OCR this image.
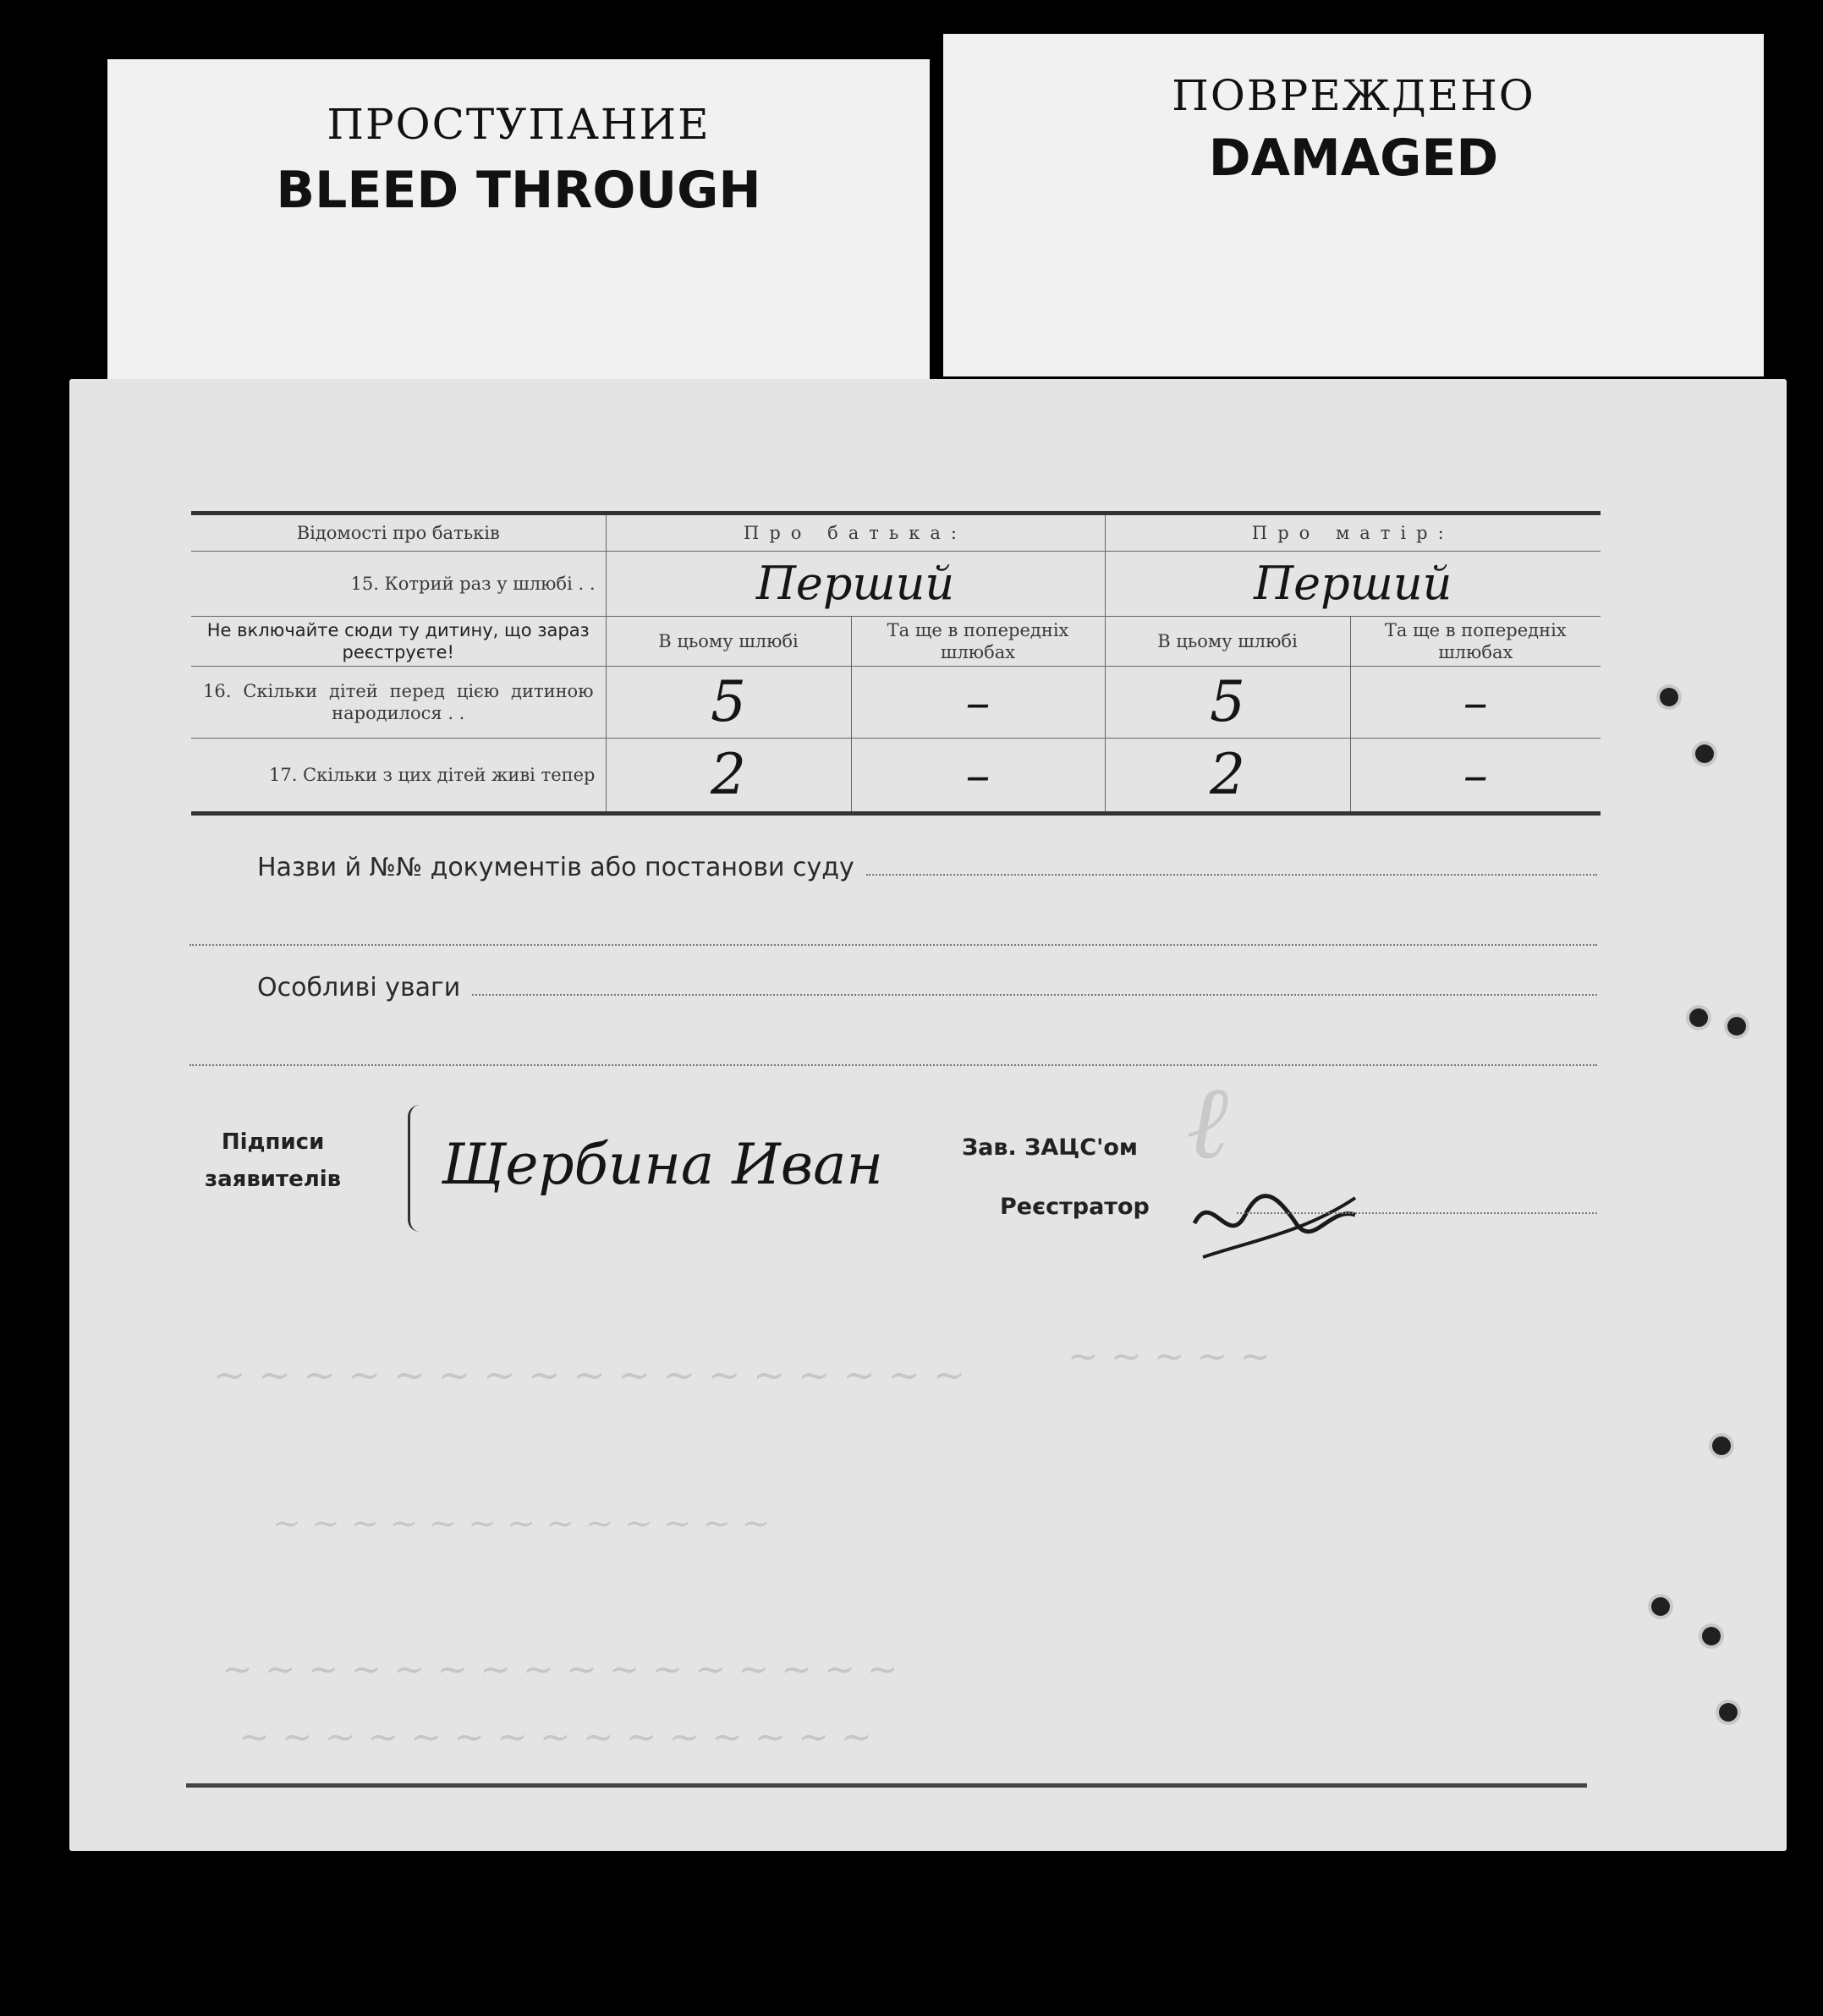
ПРОСТУПАНИЕ
BLEED THROUGH
ПОВРЕЖДЕНО
DAMAGED
~ ~ ~ ~ ~
~ ~ ~ ~ ~ ~ ~ ~ ~ ~ ~ ~ ~ ~ ~ ~ ~
~ ~ ~ ~ ~ ~ ~ ~ ~ ~ ~ ~ ~
~ ~ ~ ~ ~ ~ ~ ~ ~ ~ ~ ~ ~ ~ ~ ~
~ ~ ~ ~ ~ ~ ~ ~ ~ ~ ~ ~ ~ ~ ~
Відомості про батьків	Про батька:		Про матір:	
15. Котрий раз у шлюбі . .	Перший		Перший	
Не включайте сюди ту дитину, що зараз реєструєте!	В цьому шлюбі	Та ще в попередніх шлюбах	В цьому шлюбі	Та ще в попередніх шлюбах
16. Скільки дітей перед цією дитиною народилося . .	5	–	5	–
17. Скільки з цих дітей живі тепер	2	–	2	–
Назви й №№ документів або постанови суду
Особливі уваги
Підписи
заявителів Щербина Иван	ℓ
Зав. ЗАЦС'ом
Реєстратор
